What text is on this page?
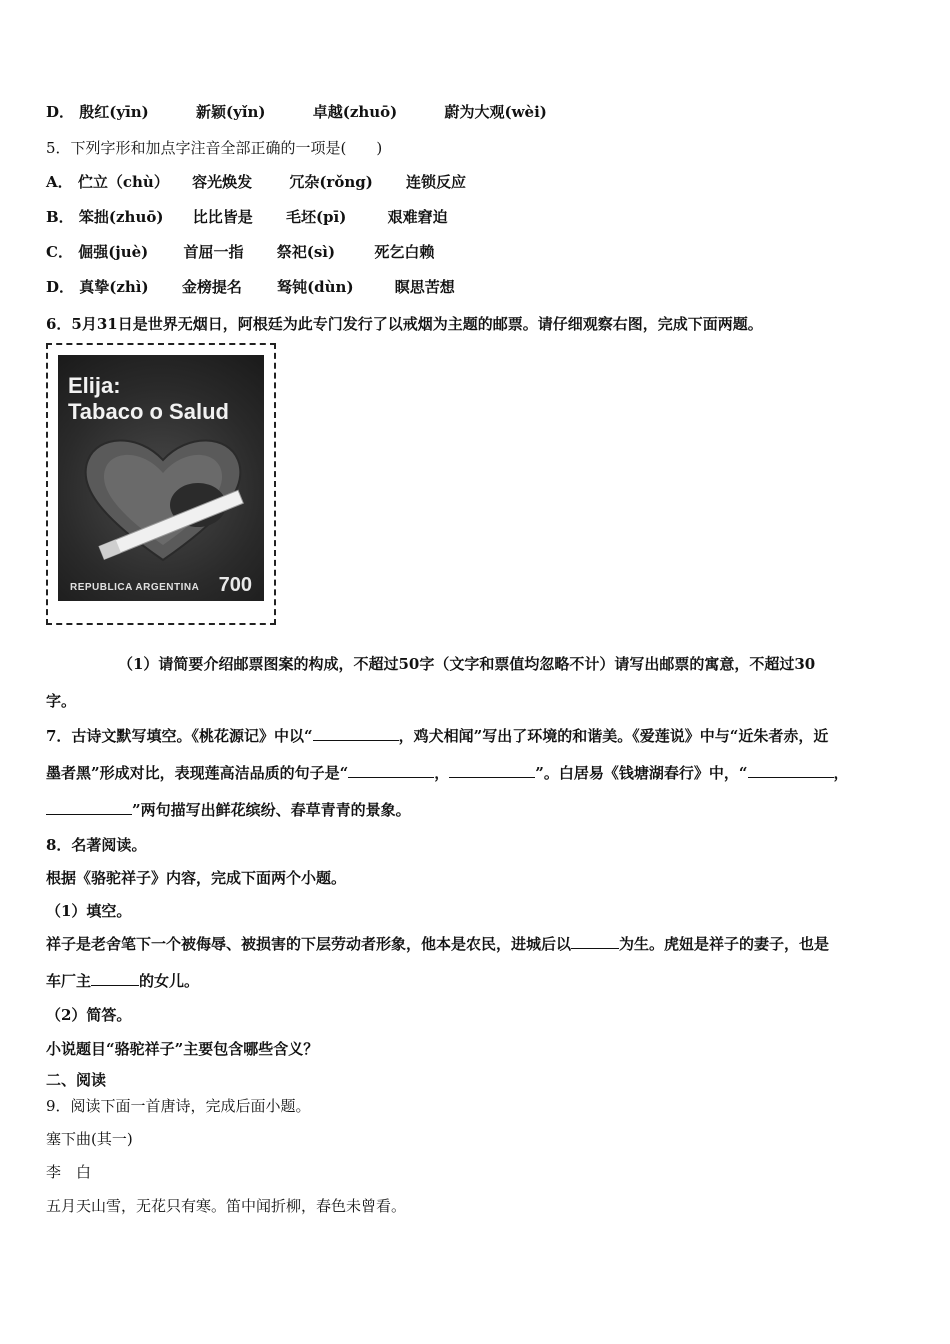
D． 殷红(yīn)	新颖(yǐn)	卓越(zhuō)	蔚为大观(wèi)
5．下列字形和加点字注音全部正确的一项是(　　)
A． 伫立（chù） 容光焕发 冗杂(rǒng) 连锁反应
B． 笨拙(zhuō) 比比皆是 毛坯(pī)	艰难窘迫
C． 倔强(juè) 首屈一指 祭祀(sì)	死乞白赖
D． 真挚(zhì) 金榜提名 驽钝(dùn)	瞑思苦想
6．5月31日是世界无烟日，阿根廷为此专门发行了以戒烟为主题的邮票。请仔细观察右图，完成下面两题。
Elija:
Tabaco o Salud
REPUBLICA ARGENTINA 700
（1）请简要介绍邮票图案的构成，不超过50字（文字和票值均忽略不计）请写出邮票的寓意，不超过30
字。
7．古诗文默写填空。《桃花源记》中以“	，鸡犬相闻”写出了环境的和谐美。《爱莲说》中与“近朱者赤，近
墨者黑”形成对比，表现莲高洁品质的句子是“	，	”。白居易《钱塘湖春行》中，“	，
”两句描写出鲜花缤纷、春草青青的景象。
8．名著阅读。
根据《骆驼祥子》内容，完成下面两个小题。
（1）填空。
祥子是老舍笔下一个被侮辱、被损害的下层劳动者形象，他本是农民，进城后以	为生。虎妞是祥子的妻子，也是
车厂主	的女儿。
（2）简答。
小说题目“骆驼祥子”主要包含哪些含义？
二、阅读
9．阅读下面一首唐诗，完成后面小题。
塞下曲(其一)
李　白
五月天山雪，无花只有寒。笛中闻折柳，春色未曾看。
